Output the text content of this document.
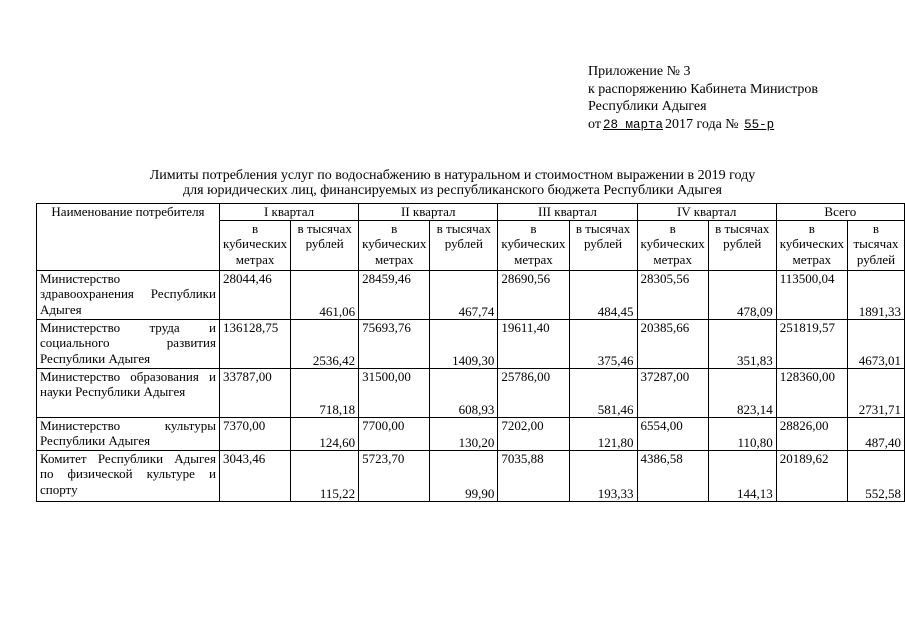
Приложение № 3
к распоряжению Кабинета Министров
Республики Адыгея
от 28 марта 2017 года № 55-р
Лимиты потребления услуг по водоснабжению в натуральном и стоимостном выражении в 2019 году
для юридических лиц, финансируемых из республиканского бюджета Республики Адыгея
Наименование потребителя	I квартал		II квартал		III квартал		IV квартал		Всего	
	в кубических метрах	в тысячах рублей	в кубических метрах	в тысячах рублей	в кубических метрах	в тысячах рублей	в кубических метрах	в тысячах рублей	в кубических метрах	в тысячах рублей
Министерство здравоохранения Республики Адыгея	28044,46	461,06	28459,46	467,74	28690,56	484,45	28305,56	478,09	113500,04	1891,33
Министерство труда и социального развития Республики Адыгея	136128,75	2536,42	75693,76	1409,30	19611,40	375,46	20385,66	351,83	251819,57	4673,01
Министерство образования и науки Республики Адыгея	33787,00	718,18	31500,00	608,93	25786,00	581,46	37287,00	823,14	128360,00	2731,71
Министерство культуры Республики Адыгея	7370,00	124,60	7700,00	130,20	7202,00	121,80	6554,00	110,80	28826,00	487,40
Комитет Республики Адыгея по физической культуре и спорту	3043,46	115,22	5723,70	99,90	7035,88	193,33	4386,58	144,13	20189,62	552,58
